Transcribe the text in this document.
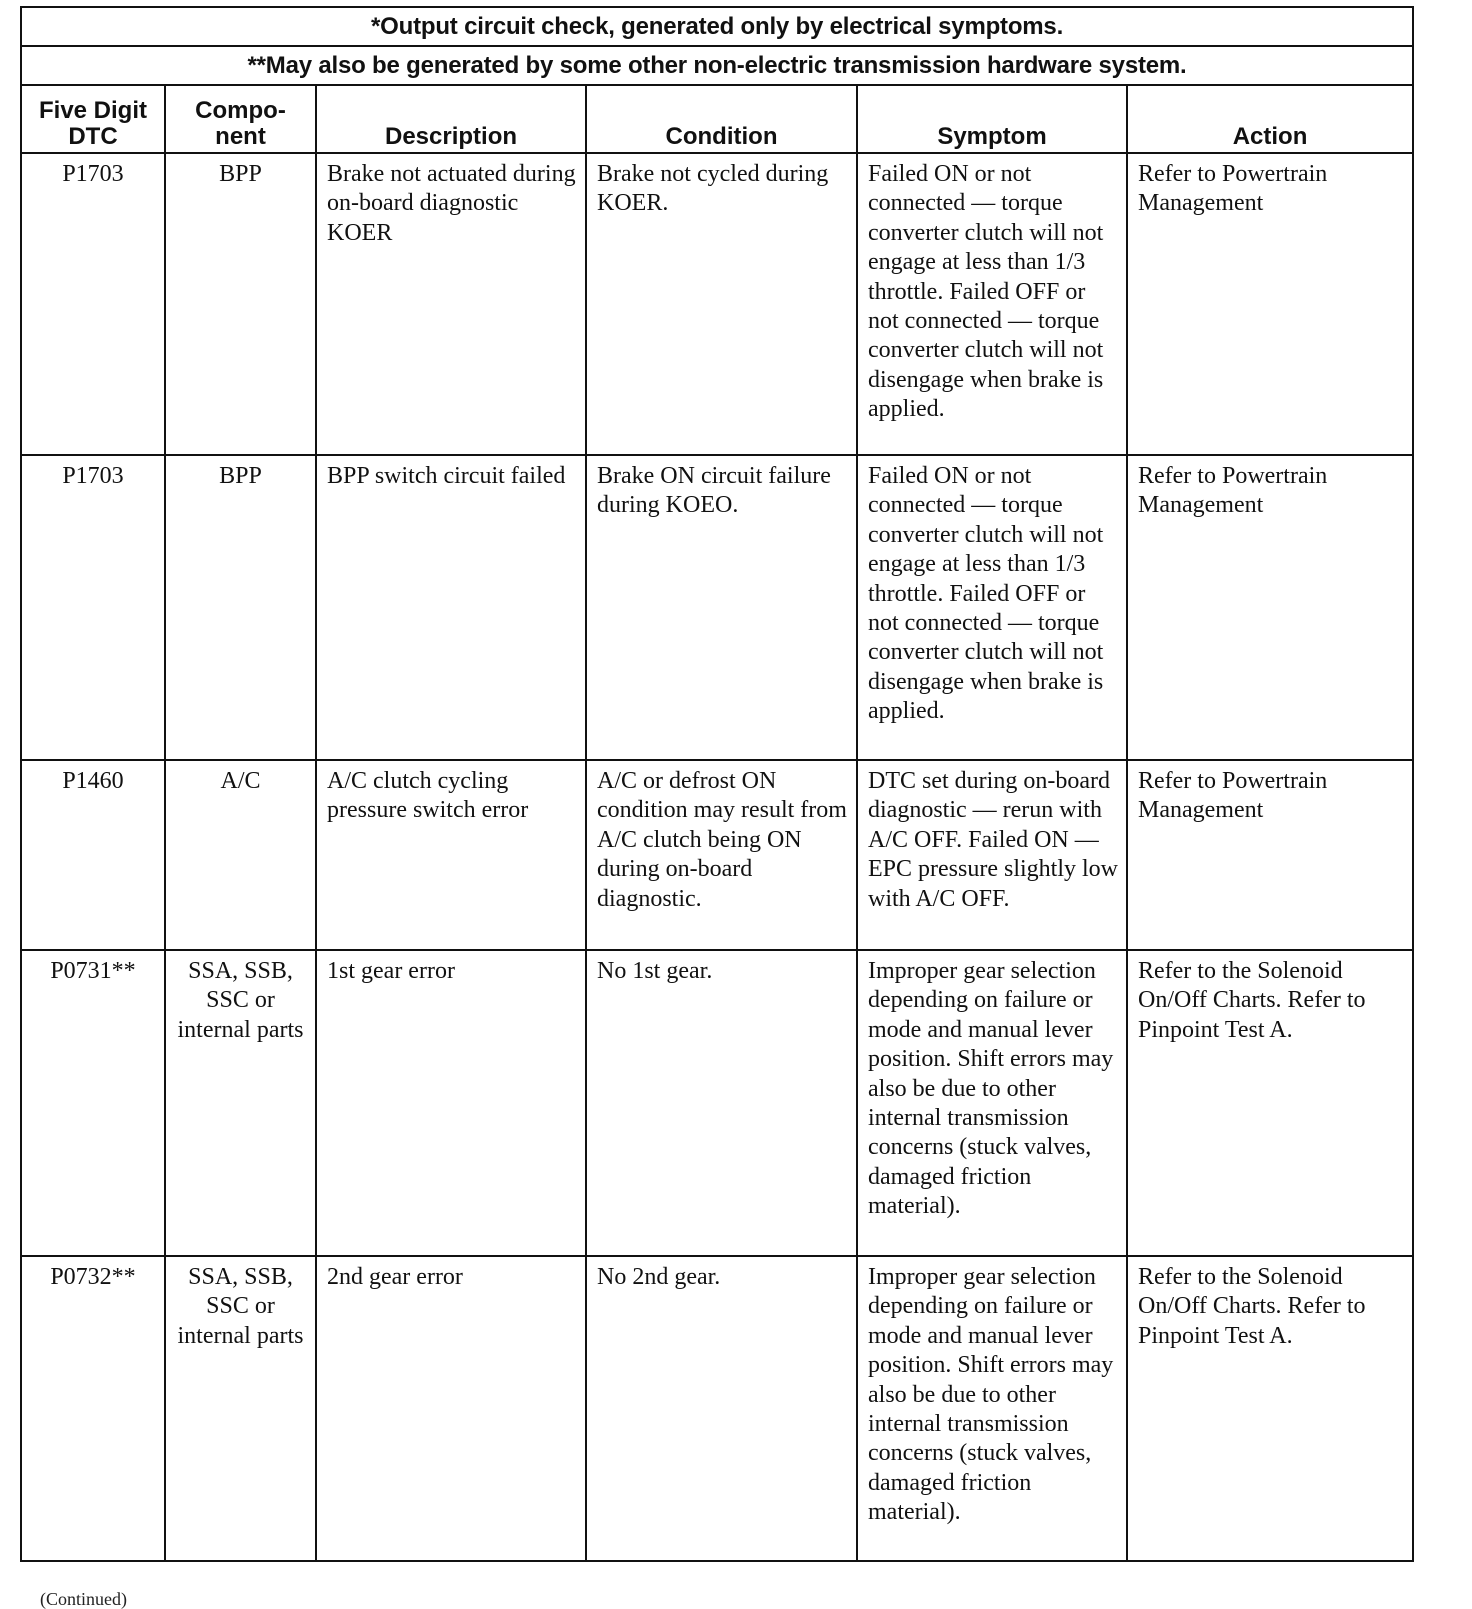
*Output circuit check, generated only by electrical symptoms.					
**May also be generated by some other non-electric transmission hardware system.					
Five Digit DTC	Compo- nent	Description	Condition	Symptom	Action
P1703	BPP	Brake not actuated during on-board diagnostic KOER	Brake not cycled during KOER.	Failed ON or not connected — torque converter clutch will not engage at less than 1/3 throttle. Failed OFF or not connected — torque converter clutch will not disengage when brake is applied.	Refer to Powertrain Management
P1703	BPP	BPP switch circuit failed	Brake ON circuit failure during KOEO.	Failed ON or not connected — torque converter clutch will not engage at less than 1/3 throttle. Failed OFF or not connected — torque converter clutch will not disengage when brake is applied.	Refer to Powertrain Management
P1460	A/C	A/C clutch cycling pressure switch error	A/C or defrost ON condition may result from A/C clutch being ON during on-board diagnostic.	DTC set during on-board diagnostic — rerun with A/C OFF. Failed ON — EPC pressure slightly low with A/C OFF.	Refer to Powertrain Management
P0731**	SSA, SSB, SSC or internal parts	1st gear error	No 1st gear.	Improper gear selection depending on failure or mode and manual lever position. Shift errors may also be due to other internal transmission concerns (stuck valves, damaged friction material).	Refer to the Solenoid On/Off Charts. Refer to Pinpoint Test A.
P0732**	SSA, SSB, SSC or internal parts	2nd gear error	No 2nd gear.	Improper gear selection depending on failure or mode and manual lever position. Shift errors may also be due to other internal transmission concerns (stuck valves, damaged friction material).	Refer to the Solenoid On/Off Charts. Refer to Pinpoint Test A.
(Continued)
